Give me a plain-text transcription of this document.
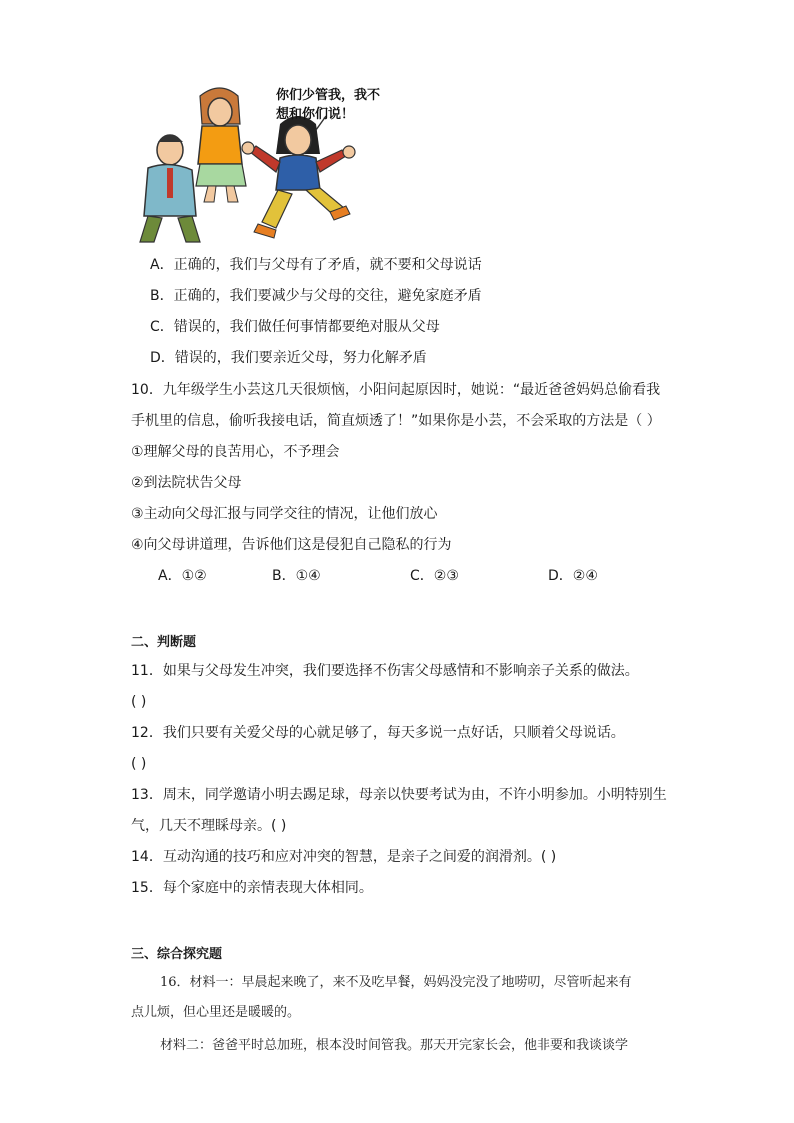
你们少管我，我不
想和你们说！
A．正确的，我们与父母有了矛盾，就不要和父母说话
B．正确的，我们要减少与父母的交往，避免家庭矛盾
C．错误的，我们做任何事情都要绝对服从父母
D．错误的，我们要亲近父母，努力化解矛盾
10．九年级学生小芸这几天很烦恼，小阳问起原因时，她说：“最近爸爸妈妈总偷看我
手机里的信息，偷听我接电话，简直烦透了！”如果你是小芸，不会采取的方法是（ ）
①理解父母的良苦用心，不予理会
②到法院状告父母
③主动向父母汇报与同学交往的情况，让他们放心
④向父母讲道理，告诉他们这是侵犯自己隐私的行为
A．①②	B．①④	C．②③	D．②④
二、判断题
11．如果与父母发生冲突，我们要选择不伤害父母感情和不影响亲子关系的做法。
( )
12．我们只要有关爱父母的心就足够了，每天多说一点好话，只顺着父母说话。
( )
13．周末，同学邀请小明去踢足球，母亲以快要考试为由，不许小明参加。小明特别生
气，几天不理睬母亲。( )
14．互动沟通的技巧和应对冲突的智慧，是亲子之间爱的润滑剂。( )
15．每个家庭中的亲情表现大体相同。
三、综合探究题
16．材料一：早晨起来晚了，来不及吃早餐，妈妈没完没了地唠叨，尽管听起来有
点儿烦，但心里还是暖暖的。
材料二：爸爸平时总加班，根本没时间管我。那天开完家长会，他非要和我谈谈学
